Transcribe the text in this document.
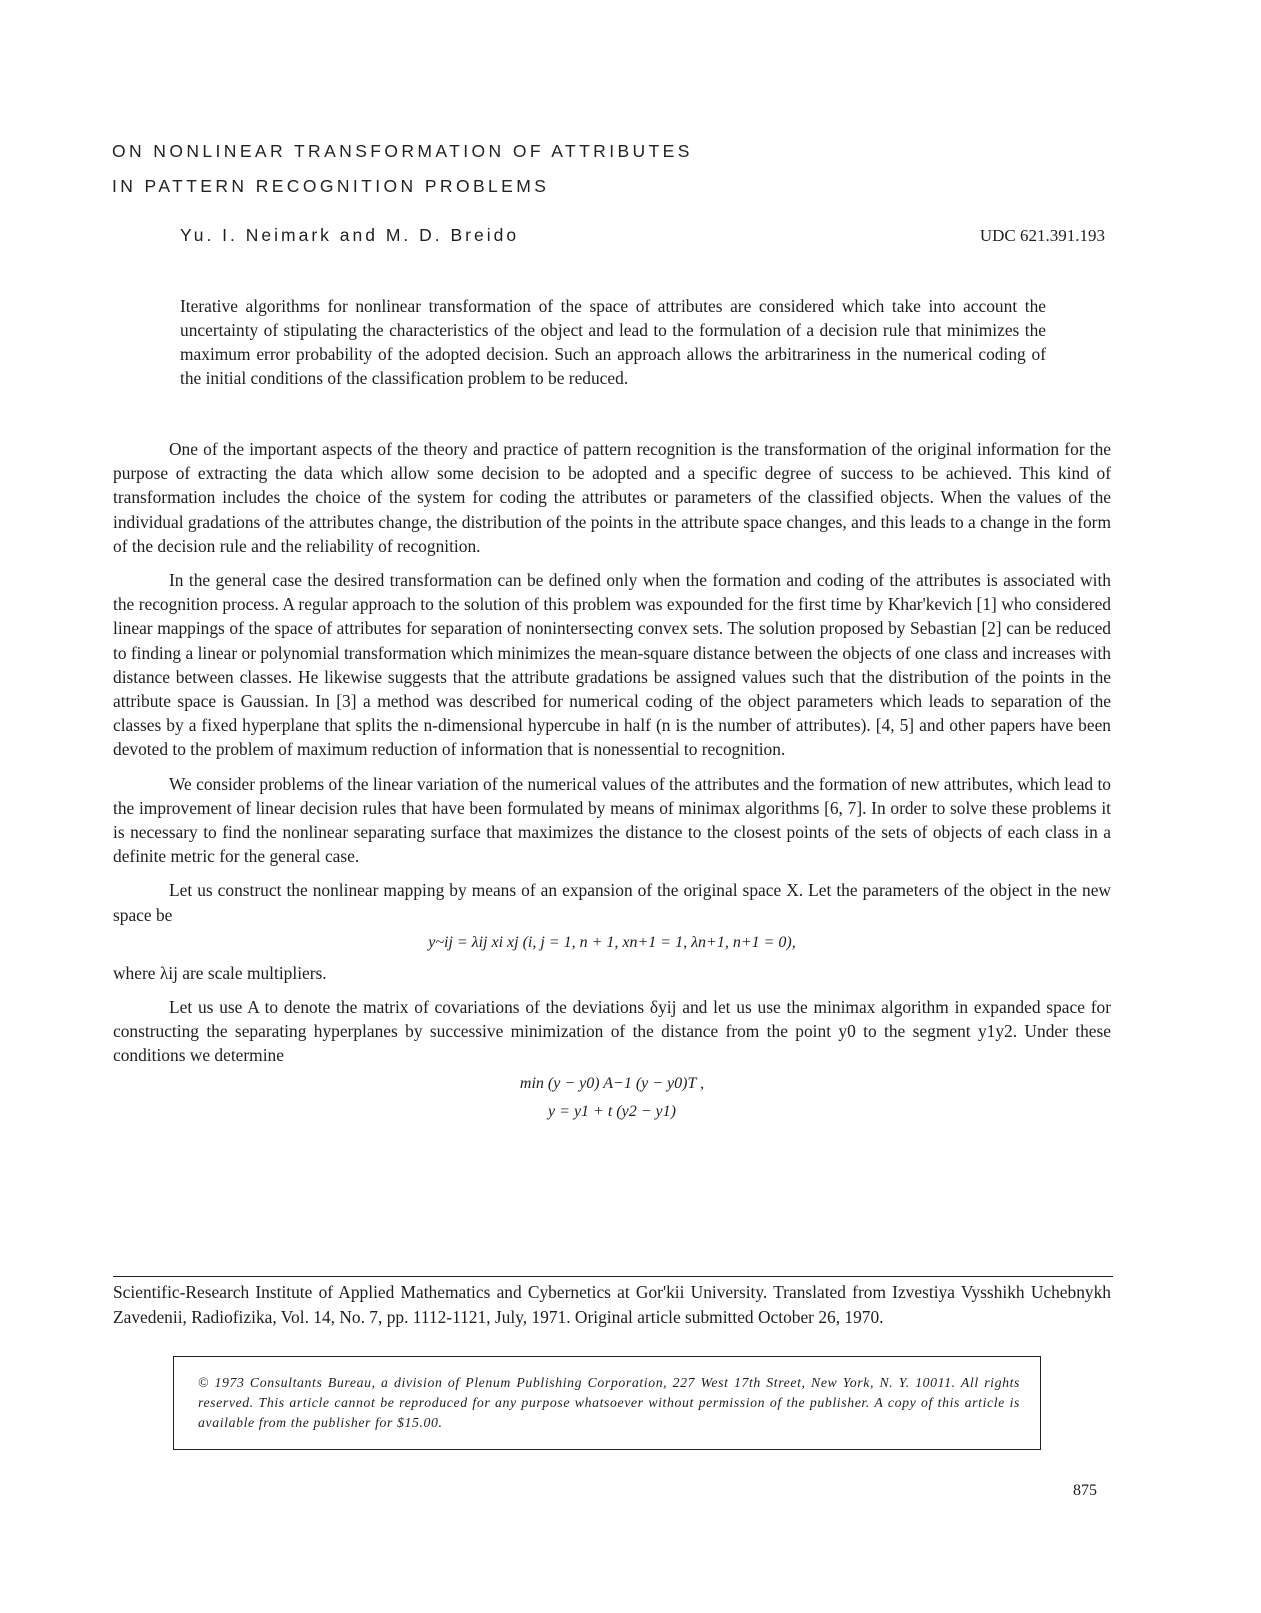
ON NONLINEAR TRANSFORMATION OF ATTRIBUTES
IN PATTERN RECOGNITION PROBLEMS
Yu. I. Neimark and M. D. Breido	UDC 621.391.193

Iterative algorithms for nonlinear transformation of the space of attributes are considered which take into account the uncertainty of stipulating the characteristics of the object and lead to the formulation of a decision rule that minimizes the maximum error probability of the adopted decision. Such an approach allows the arbitrariness in the numerical coding of the initial conditions of the classification problem to be reduced.

One of the important aspects of the theory and practice of pattern recognition is the transformation of the original information for the purpose of extracting the data which allow some decision to be adopted and a specific degree of success to be achieved. This kind of transformation includes the choice of the system for coding the attributes or parameters of the classified objects. When the values of the individual gradations of the attributes change, the distribution of the points in the attribute space changes, and this leads to a change in the form of the decision rule and the reliability of recognition.

In the general case the desired transformation can be defined only when the formation and coding of the attributes is associated with the recognition process. A regular approach to the solution of this problem was expounded for the first time by Khar'kevich [1] who considered linear mappings of the space of attributes for separation of nonintersecting convex sets. The solution proposed by Sebastian [2] can be reduced to finding a linear or polynomial transformation which minimizes the mean-square distance between the objects of one class and increases with distance between classes. He likewise suggests that the attribute gradations be assigned values such that the distribution of the points in the attribute space is Gaussian. In [3] a method was described for numerical coding of the object parameters which leads to separation of the classes by a fixed hyperplane that splits the n-dimensional hypercube in half (n is the number of attributes). [4, 5] and other papers have been devoted to the problem of maximum reduction of information that is nonessential to recognition.

We consider problems of the linear variation of the numerical values of the attributes and the formation of new attributes, which lead to the improvement of linear decision rules that have been formulated by means of minimax algorithms [6, 7]. In order to solve these problems it is necessary to find the nonlinear separating surface that maximizes the distance to the closest points of the sets of objects of each class in a definite metric for the general case.

Let us construct the nonlinear mapping by means of an expansion of the original space X. Let the parameters of the object in the new space be

y~ij = λij xi xj (i, j = 1, n + 1, xn+1 = 1, λn+1, n+1 = 0),

where λij are scale multipliers.

Let us use A to denote the matrix of covariations of the deviations δyij and let us use the minimax algorithm in expanded space for constructing the separating hyperplanes by successive minimization of the distance from the point y0 to the segment y1y2. Under these conditions we determine

min (y − y0) A−1 (y − y0)T ,
y = y1 + t (y2 − y1)

Scientific-Research Institute of Applied Mathematics and Cybernetics at Gor'kii University. Translated from Izvestiya Vysshikh Uchebnykh Zavedenii, Radiofizika, Vol. 14, No. 7, pp. 1112-1121, July, 1971. Original article submitted October 26, 1970.

© 1973 Consultants Bureau, a division of Plenum Publishing Corporation, 227 West 17th Street, New York, N. Y. 10011. All rights reserved. This article cannot be reproduced for any purpose whatsoever without permission of the publisher. A copy of this article is available from the publisher for $15.00.

875
